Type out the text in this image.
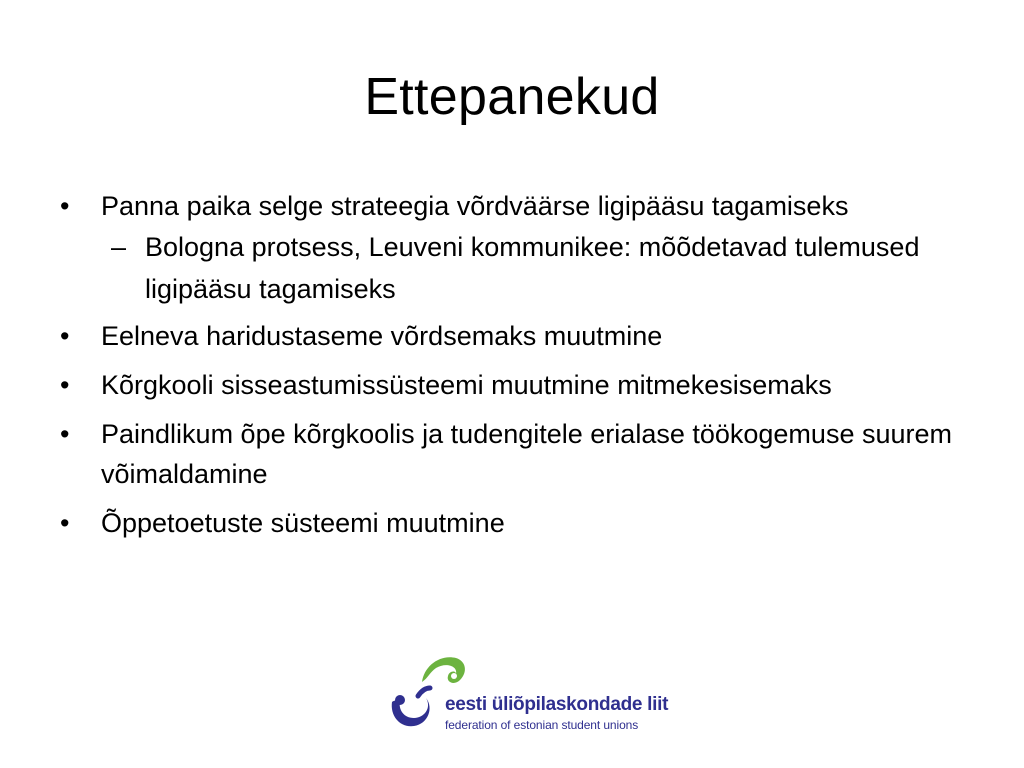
Ettepanekud
• Panna paika selge strateegia võrdväärse ligipääsu tagamiseks
– Bologna protsess, Leuveni kommunikee: mõõdetavad tulemused ligipääsu tagamiseks
• Eelneva haridustaseme võrdsemaks muutmine
• Kõrgkooli sisseastumissüsteemi muutmine mitmekesisemaks
• Paindlikum õpe kõrgkoolis ja tudengitele erialase töökogemuse suurem võimaldamine
• Õppetoetuste süsteemi muutmine
eesti üliõpilaskondade liit
federation of estonian student unions
